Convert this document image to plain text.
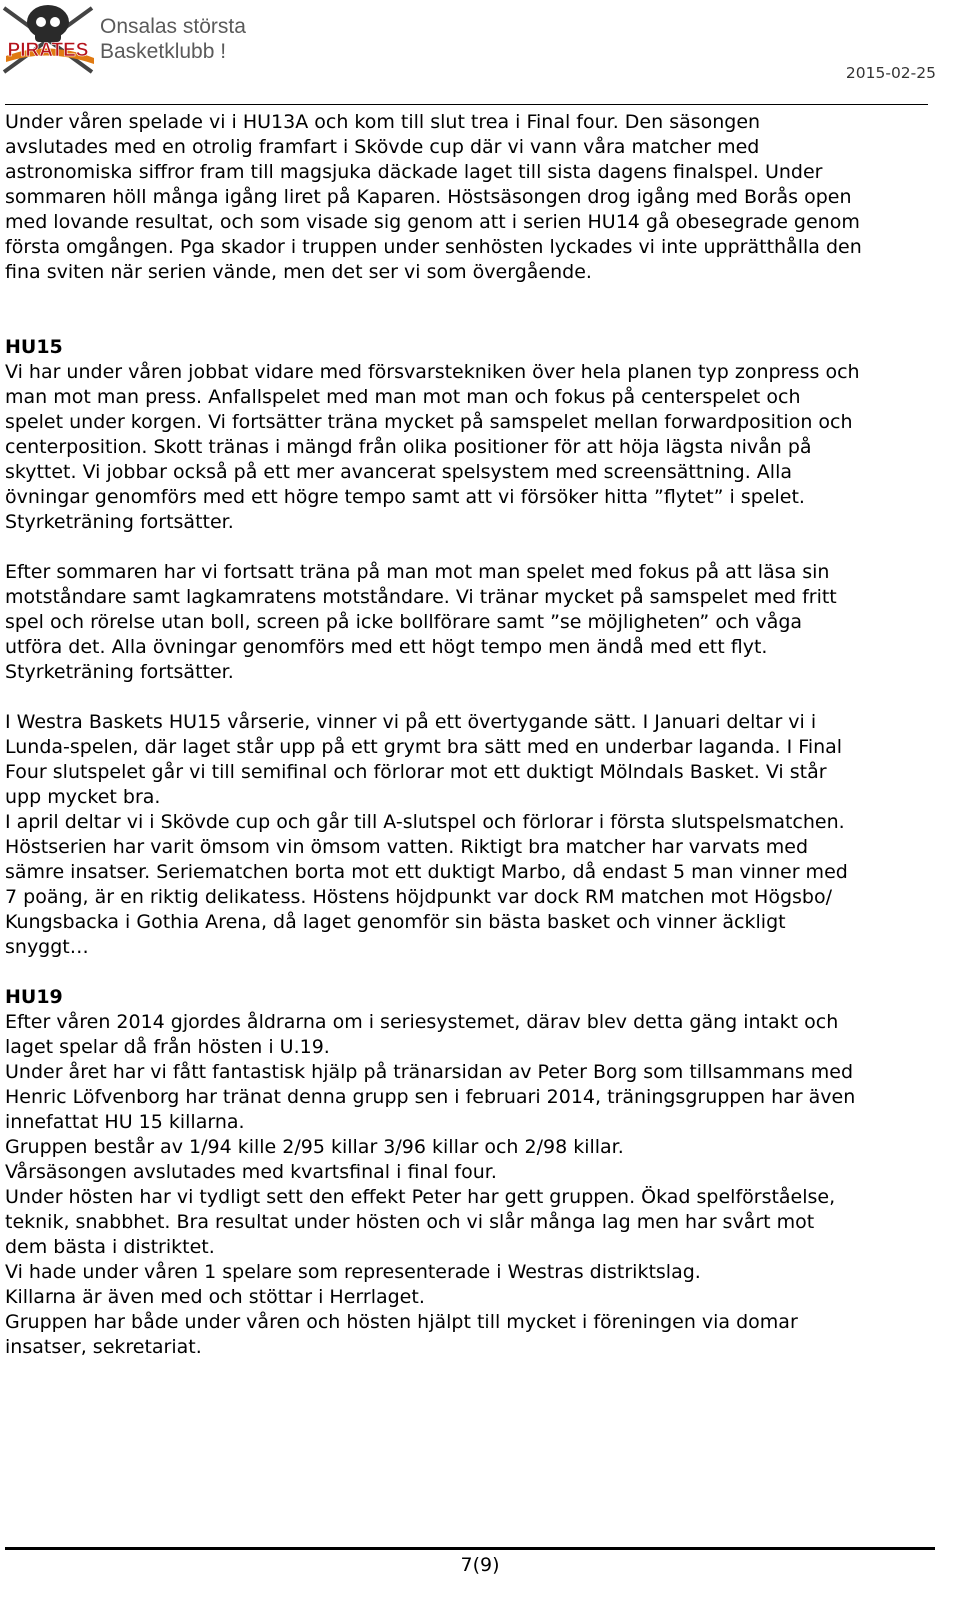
PIRATES
Onsalas största
Basketklubb !
2015-02-25

Under våren spelade vi i HU13A och kom till slut trea i Final four. Den säsongen
avslutades med en otrolig framfart i Skövde cup där vi vann våra matcher med
astronomiska siffror fram till magsjuka däckade laget till sista dagens finalspel. Under
sommaren höll många igång liret på Kaparen. Höstsäsongen drog igång med Borås open
med lovande resultat, och som visade sig genom att i serien HU14 gå obesegrade genom
första omgången. Pga skador i truppen under senhösten lyckades vi inte upprätthålla den
fina sviten när serien vände, men det ser vi som övergående.

HU15

Vi har under våren jobbat vidare med försvarstekniken över hela planen typ zonpress och
man mot man press. Anfallspelet med man mot man och fokus på centerspelet och
spelet under korgen. Vi fortsätter träna mycket på samspelet mellan forwardposition och
centerposition. Skott tränas i mängd från olika positioner för att höja lägsta nivån på
skyttet. Vi jobbar också på ett mer avancerat spelsystem med screensättning. Alla
övningar genomförs med ett högre tempo samt att vi försöker hitta ”flytet” i spelet.
Styrketräning fortsätter.

Efter sommaren har vi fortsatt träna på man mot man spelet med fokus på att läsa sin
motståndare samt lagkamratens motståndare. Vi tränar mycket på samspelet med fritt
spel och rörelse utan boll, screen på icke bollförare samt ”se möjligheten” och våga
utföra det. Alla övningar genomförs med ett högt tempo men ändå med ett flyt.
Styrketräning fortsätter.

I Westra Baskets HU15 vårserie, vinner vi på ett övertygande sätt. I Januari deltar vi i
Lunda-spelen, där laget står upp på ett grymt bra sätt med en underbar laganda. I Final
Four slutspelet går vi till semifinal och förlorar mot ett duktigt Mölndals Basket. Vi står
upp mycket bra.
I april deltar vi i Skövde cup och går till A-slutspel och förlorar i första slutspelsmatchen.
Höstserien har varit ömsom vin ömsom vatten. Riktigt bra matcher har varvats med
sämre insatser. Seriematchen borta mot ett duktigt Marbo, då endast 5 man vinner med
7 poäng, är en riktig delikatess. Höstens höjdpunkt var dock RM matchen mot Högsbo/
Kungsbacka i Gothia Arena, då laget genomför sin bästa basket och vinner äckligt
snyggt…

HU19

Efter våren 2014 gjordes åldrarna om i seriesystemet, därav blev detta gäng intakt och
laget spelar då från hösten i U.19.
Under året har vi fått fantastisk hjälp på tränarsidan av Peter Borg som tillsammans med
Henric Löfvenborg har tränat denna grupp sen i februari 2014, träningsgruppen har även
innefattat HU 15 killarna.
Gruppen består av 1/94 kille 2/95 killar 3/96 killar och 2/98 killar.
Vårsäsongen avslutades med kvartsfinal i final four.
Under hösten har vi tydligt sett den effekt Peter har gett gruppen. Ökad spelförståelse,
teknik, snabbhet. Bra resultat under hösten och vi slår många lag men har svårt mot
dem bästa i distriktet.
Vi hade under våren 1 spelare som representerade i Westras distriktslag.
Killarna är även med och stöttar i Herrlaget.
Gruppen har både under våren och hösten hjälpt till mycket i föreningen via domar
insatser, sekretariat.

7(9)
